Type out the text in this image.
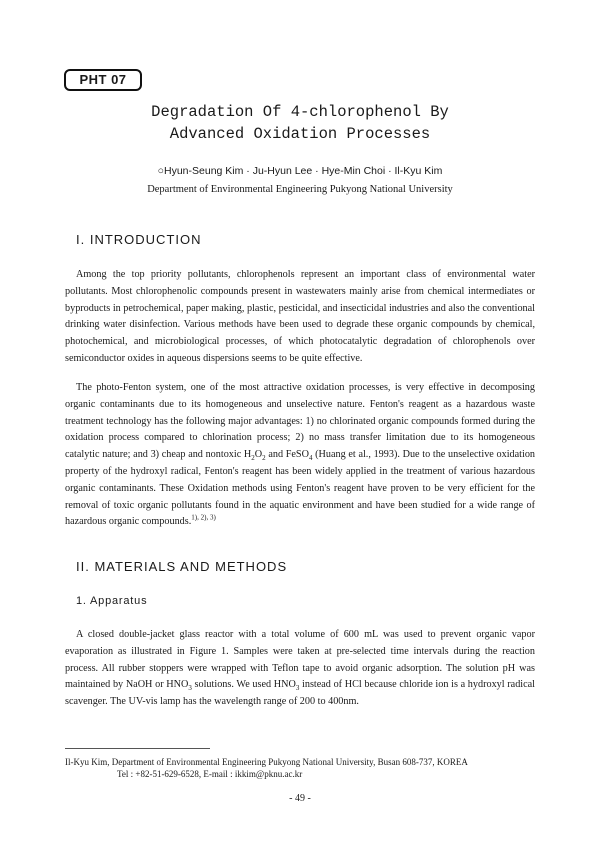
PHT 07
Degradation Of 4-chlorophenol By
Advanced Oxidation Processes
○Hyun-Seung Kim · Ju-Hyun Lee · Hye-Min Choi · Il-Kyu Kim
Department of Environmental Engineering Pukyong National University
I. INTRODUCTION

Among the top priority pollutants, chlorophenols represent an important class of environmental water pollutants. Most chlorophenolic compounds present in wastewaters mainly arise from chemical intermediates or byproducts in petrochemical, paper making, plastic, pesticidal, and insecticidal industries and also the conventional drinking water disinfection. Various methods have been used to degrade these organic compounds by chemical, photochemical, and microbiological processes, of which photocatalytic degradation of chlorophenols over semiconductor oxides in aqueous dispersions seems to be quite effective.

The photo-Fenton system, one of the most attractive oxidation processes, is very effective in decomposing organic contaminants due to its homogeneous and unselective nature. Fenton's reagent as a hazardous waste treatment technology has the following major advantages: 1) no chlorinated organic compounds formed during the oxidation process compared to chlorination process; 2) no mass transfer limitation due to its homogeneous catalytic nature; and 3) cheap and nontoxic $H_2O_2$ and FeSO$_4$ (Huang et al., 1993). Due to the unselective oxidation property of the hydroxyl radical, Fenton's reagent has been widely applied in the treatment of various hazardous organic contaminants. These Oxidation methods using Fenton's reagent have proven to be very efficient for the removal of toxic organic pollutants found in the aquatic environment and have been studied for a wide range of hazardous organic compounds.$^{1), 2), 3)}$

II. MATERIALS AND METHODS
1. Apparatus

A closed double-jacket glass reactor with a total volume of 600 mL was used to prevent organic vapor evaporation as illustrated in Figure 1. Samples were taken at pre-selected time intervals during the reaction process. All rubber stoppers were wrapped with Teflon tape to avoid organic adsorption. The solution pH was maintained by NaOH or $HNO_3$ solutions. We used $HNO_3$ instead of HCl because chloride ion is a hydroxyl radical scavenger. The UV-vis lamp has the wavelength range of 200 to 400nm.

Il-Kyu Kim, Department of Environmental Engineering Pukyong National University, Busan 608-737, KOREA

Tel : +82-51-629-6528, E-mail : ikkim@pknu.ac.kr

- 49 -
